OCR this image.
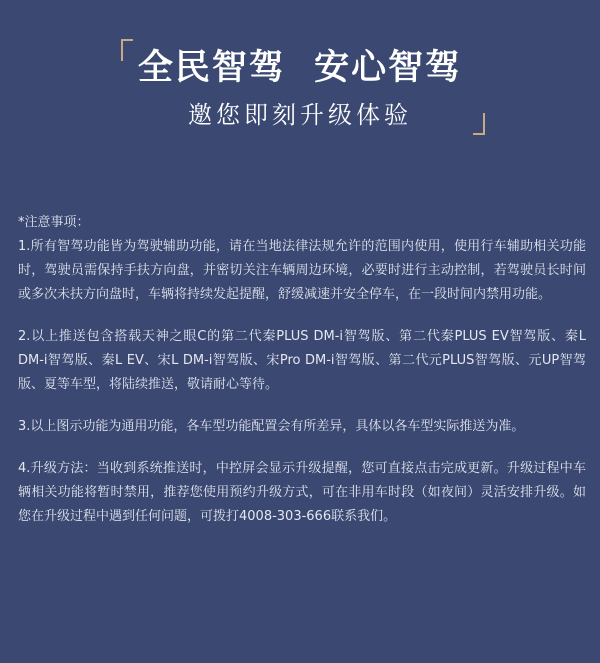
全民智驾  安心智驾
邀您即刻升级体验
*注意事项：

1.所有智驾功能皆为驾驶辅助功能，请在当地法律法规允许的范围内使用，使用行车辅助相关功能时，驾驶员需保持手扶方向盘，并密切关注车辆周边环境，必要时进行主动控制，若驾驶员长时间或多次未扶方向盘时，车辆将持续发起提醒，舒缓减速并安全停车，在一段时间内禁用功能。

2.以上推送包含搭载天神之眼C的第二代秦PLUS DM-i智驾版、第二代秦PLUS EV智驾版、秦L DM-i智驾版、秦L EV、宋L DM-i智驾版、宋Pro DM-i智驾版、第二代元PLUS智驾版、元UP智驾版、夏等车型，将陆续推送，敬请耐心等待。

3.以上图示功能为通用功能，各车型功能配置会有所差异，具体以各车型实际推送为准。

4.升级方法：当收到系统推送时，中控屏会显示升级提醒，您可直接点击完成更新。升级过程中车辆相关功能将暂时禁用，推荐您使用预约升级方式，可在非用车时段（如夜间）灵活安排升级。如您在升级过程中遇到任何问题，可拨打4008-303-666联系我们。
